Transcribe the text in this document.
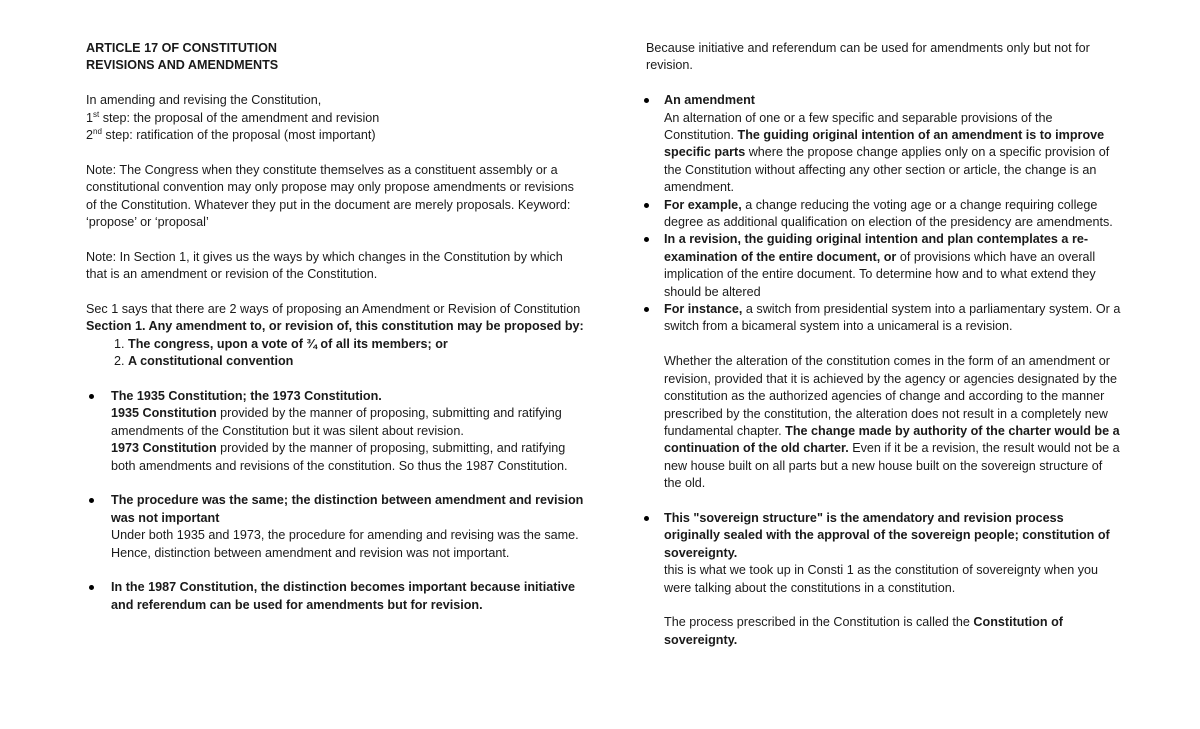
ARTICLE 17 OF CONSTITUTION

REVISIONS AND AMENDMENTS

In amending and revising the Constitution,

1st step: the proposal of the amendment and revision

2nd step: ratification of the proposal (most important)

Note: The Congress when they constitute themselves as a constituent assembly or a constitutional convention may only propose may only propose amendments or revisions of the Constitution. Whatever they put in the document are merely proposals. Keyword: ‘propose’ or ‘proposal’

Note: In Section 1, it gives us the ways by which changes in the Constitution by which that is an amendment or revision of the Constitution.

Sec 1 says that there are 2 ways of proposing an Amendment or Revision of Constitution

Section 1. Any amendment to, or revision of, this constitution may be proposed by:

1. The congress, upon a vote of ¾ of all its members; or
2. A constitutional convention
The 1935 Constitution; the 1973 Constitution.
1935 Constitution provided by the manner of proposing, submitting and ratifying amendments of the Constitution but it was silent about revision.
1973 Constitution provided by the manner of proposing, submitting, and ratifying both amendments and revisions of the constitution. So thus the 1987 Constitution.
The procedure was the same; the distinction between amendment and revision was not important
Under both 1935 and 1973, the procedure for amending and revising was the same. Hence, distinction between amendment and revision was not important.
In the 1987 Constitution, the distinction becomes important because initiative and referendum can be used for amendments but for revision.

Because initiative and referendum can be used for amendments only but not for revision.

An amendment
An alternation of one or a few specific and separable provisions of the Constitution. The guiding original intention of an amendment is to improve specific parts where the propose change applies only on a specific provision of the Constitution without affecting any other section or article, the change is an amendment.
For example, a change reducing the voting age or a change requiring college degree as additional qualification on election of the presidency are amendments.
In a revision, the guiding original intention and plan contemplates a re-examination of the entire document, or of provisions which have an overall implication of the entire document. To determine how and to what extend they should be altered
For instance, a switch from presidential system into a parliamentary system. Or a switch from a bicameral system into a unicameral is a revision.

Whether the alteration of the constitution comes in the form of an amendment or revision, provided that it is achieved by the agency or agencies designated by the constitution as the authorized agencies of change and according to the manner prescribed by the constitution, the alteration does not result in a completely new fundamental chapter. The change made by authority of the charter would be a continuation of the old charter. Even if it be a revision, the result would not be a new house built on all parts but a new house built on the sovereign structure of the old.

This "sovereign structure" is the amendatory and revision process originally sealed with the approval of the sovereign people; constitution of sovereignty.
this is what we took up in Consti 1 as the constitution of sovereignty when you were talking about the constitutions in a constitution.

The process prescribed in the Constitution is called the Constitution of sovereignty.
